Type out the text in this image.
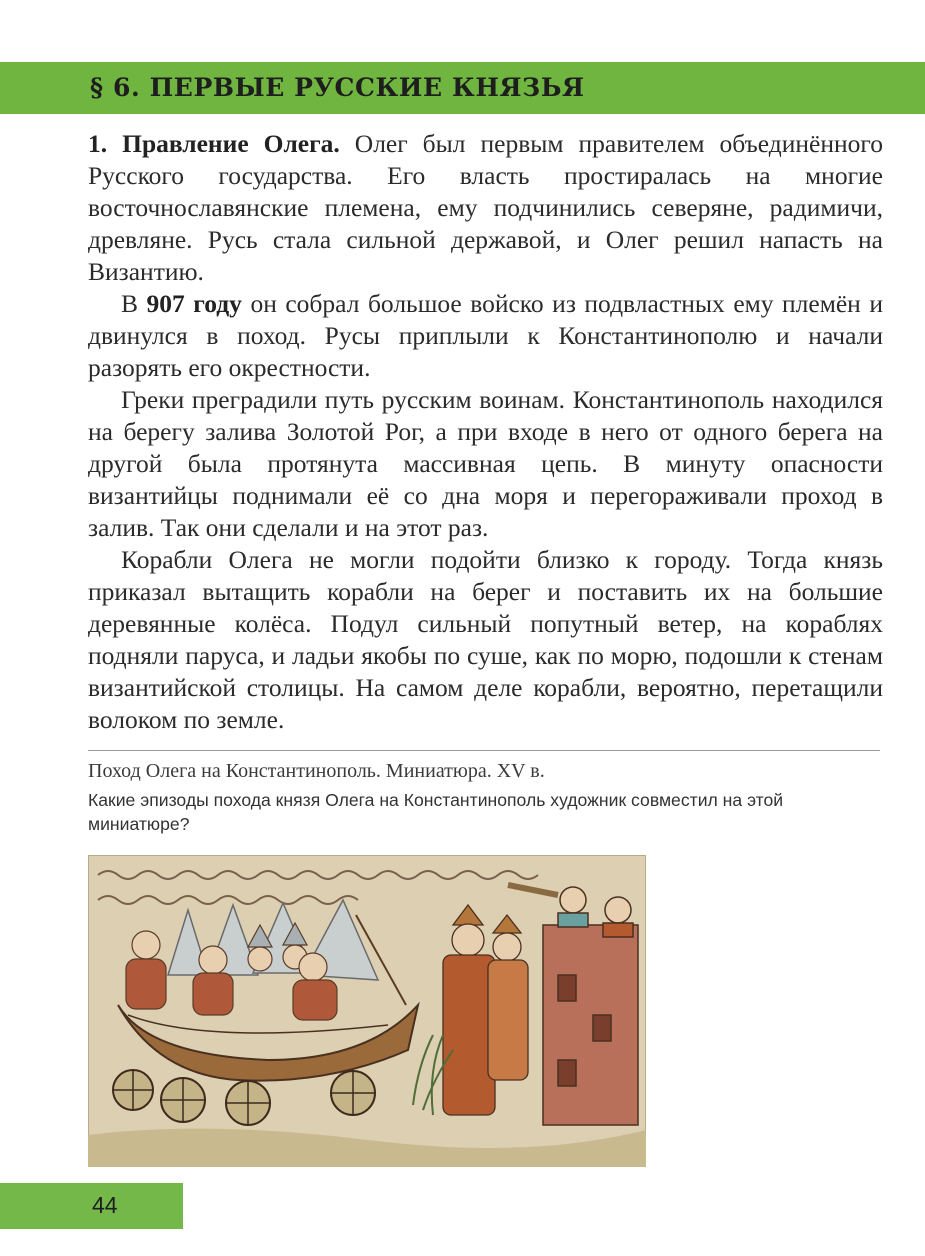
§ 6. ПЕРВЫЕ РУССКИЕ КНЯЗЬЯ

1. Правление Олега. Олег был первым правителем объединённого Русского государства. Его власть простиралась на многие восточнославянские племена, ему подчинились северяне, радимичи, древляне. Русь стала сильной державой, и Олег решил напасть на Византию.

В 907 году он собрал большое войско из подвластных ему племён и двинулся в поход. Русы приплыли к Константинополю и начали разорять его окрестности.

Греки преградили путь русским воинам. Константинополь находился на берегу залива Золотой Рог, а при входе в него от одного берега на другой была протянута массивная цепь. В минуту опасности византийцы поднимали её со дна моря и перегораживали проход в залив. Так они сделали и на этот раз.

Корабли Олега не могли подойти близко к городу. Тогда князь приказал вытащить корабли на берег и поставить их на большие деревянные колёса. Подул сильный попутный ветер, на кораблях подняли паруса, и ладьи якобы по суше, как по морю, подошли к стенам византийской столицы. На самом деле корабли, вероятно, перетащили волоком по земле.

Поход Олега на Константинополь. Миниатюра. XV в.
Какие эпизоды похода князя Олега на Константинополь художник совместил на этой миниатюре?
44
